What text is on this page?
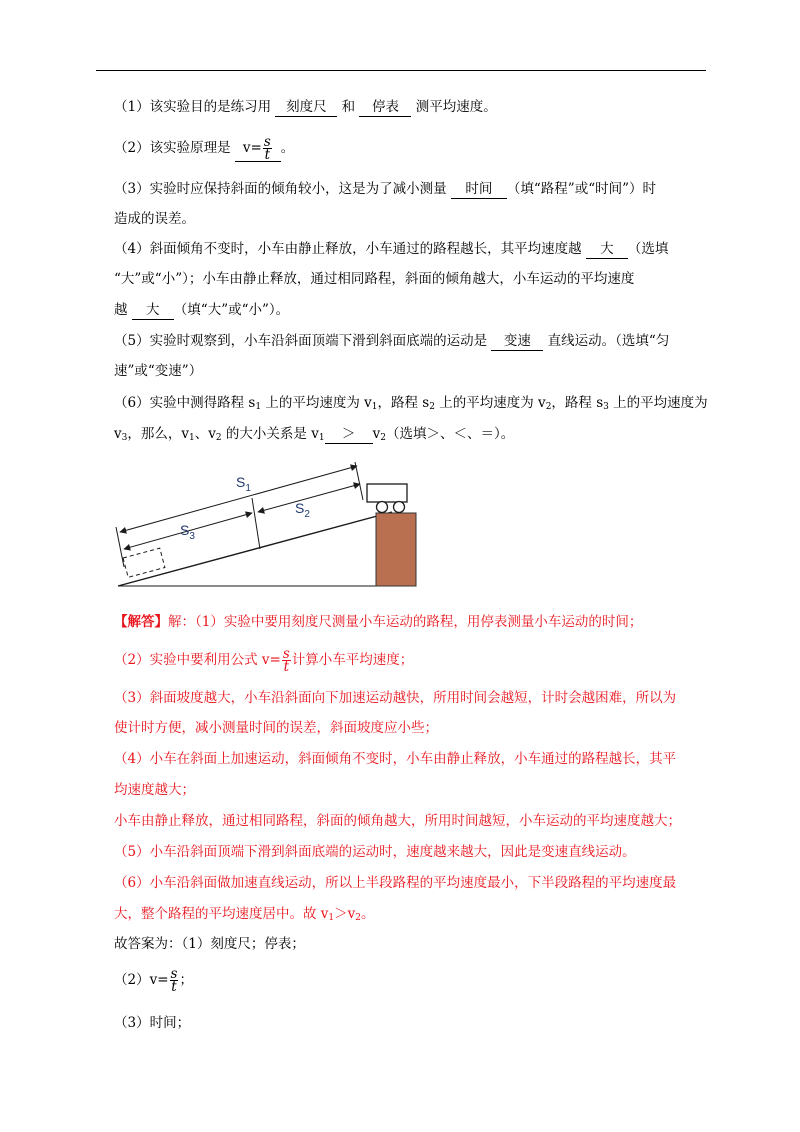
（1）该实验目的是练习用 刻度尺 和 停表 测平均速度。
（2）该实验原理是 $v= \frac{s}{t}$ 。
（3）实验时应保持斜面的倾角较小，这是为了减小测量 时间 （填“路程”或“时间”）时
造成的误差。
（4）斜面倾角不变时，小车由静止释放，小车通过的路程越长，其平均速度越 大 （选填
“大”或“小”）；小车由静止释放，通过相同路程，斜面的倾角越大，小车运动的平均速度
越 大 （填“大”或“小”）。
（5）实验时观察到，小车沿斜面顶端下滑到斜面底端的运动是 变速 直线运动。（选填“匀
速”或“变速”）
（6）实验中测得路程 $s_1$ 上的平均速度为 $v_1$，路程 $s_2$ 上的平均速度为 $v_2$，路程 $s_3$ 上的平均速度为
$v_3$，那么，$v_1$、$v_2$ 的大小关系是 $v_1 > v_2$（选填＞、＜、＝）。
$S_1$
$S_2$
$S_3$
【解答】解：（1）实验中要用刻度尺测量小车运动的路程，用停表测量小车运动的时间；
（2）实验中要利用公式 $v= \frac{s}{t}$ 计算小车平均速度；
（3）斜面坡度越大，小车沿斜面向下加速运动越快，所用时间会越短，计时会越困难，所以为
使计时方便，减小测量时间的误差，斜面坡度应小些；
（4）小车在斜面上加速运动，斜面倾角不变时，小车由静止释放，小车通过的路程越长，其平
均速度越大；
小车由静止释放，通过相同路程，斜面的倾角越大，所用时间越短，小车运动的平均速度越大；
（5）小车沿斜面顶端下滑到斜面底端的运动时，速度越来越大，因此是变速直线运动。
（6）小车沿斜面做加速直线运动，所以上半段路程的平均速度最小，下半段路程的平均速度最
大，整个路程的平均速度居中。故 $v_1>v_2$。
故答案为：（1）刻度尺；停表；
$(2)v= \frac{s}{t}$ ；
（3）时间；
